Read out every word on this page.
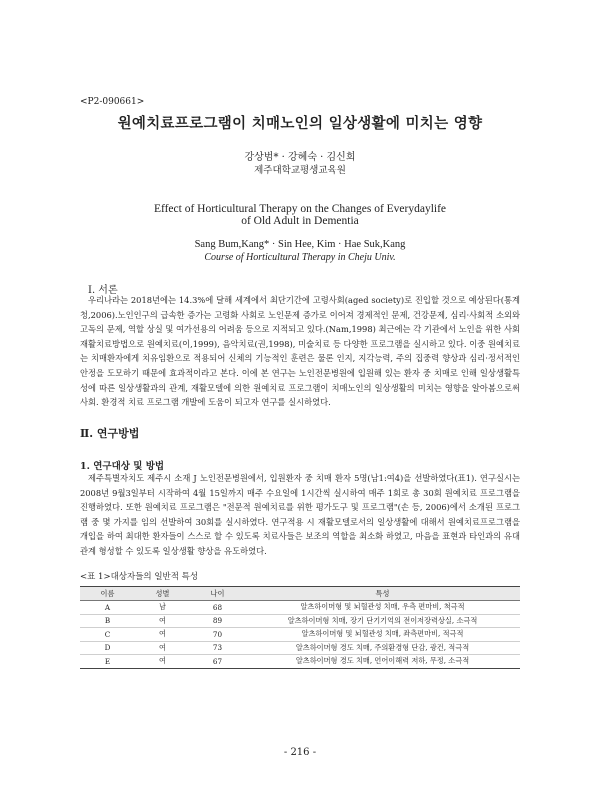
<P2-090661>
원예치료프로그램이 치매노인의 일상생활에 미치는 영향
강상범* · 강혜숙 · 김신희
제주대학교평생교육원
Effect of Horticultural Therapy on the Changes of Everydaylife
of Old Adult in Dementia
Sang Bum,Kang* · Sin Hee, Kim · Hae Suk,Kang
Course of Horticultural Therapy in Cheju Univ.
Ⅰ. 서론
우리나라는 2018년에는 14.3%에 달해 세계에서 최단기간에 고령사회(aged society)로 진입할 것으로 예상된다(통계청,2006).노인인구의 급속한 증가는 고령화 사회로 노인문제 증가로 이어져 경제적인 문제, 건강문제, 심리·사회적 소외와 고독의 문제, 역할 상실 및 여가선용의 어려움 등으로 지적되고 있다.(Nam,1998) 최근에는 각 기관에서 노인을 위한 사회재활치료방법으로 원예치료(이,1999), 음악치료(권,1998), 미술치료 등 다양한 프로그램을 실시하고 있다. 이중 원예치료는 치매환자에게 치유임환으로 적용되어 신체의 기능적인 훈련은 물론 인지, 지각능력, 주의 집중력 향상과 심리·정서적인 안정을 도모하기 때문에 효과적이라고 본다. 이에 본 연구는 노인전문병원에 입원해 있는 환자 중 치매로 인해 일상생활특성에 따른 일상생활과의 관계, 재활모델에 의한 원예치료 프로그램이 치매노인의 일상생활의 미치는 영향을 알아봄으로써 사회. 환경적 치료 프로그램 개발에 도움이 되고자 연구를 실시하였다.
Ⅱ. 연구방법
1. 연구대상 및 방법
제주특별자치도 제주시 소재 J 노인전문병원에서, 입원환자 중 치매 환자 5명(남1:여4)을 선발하였다(표1). 연구실시는 2008년 9월3일부터 시작하여 4월 15일까지 매주 수요일에 1시간씩 실시하여 매주 1회로 총 30회 원예치료 프로그램을 진행하였다. 또한 원예치료 프로그램은 "전문적 원예치료를 위한 평가도구 및 프로그램"(손 등, 2006)에서 소개된 프로그램 중 몇 가지를 임의 선발하여 30회를 실시하였다. 연구적용 시 재활모델로서의 일상생활에 대해서 원예치료프로그램을 개입을 하여 최대한 환자들이 스스로 할 수 있도록 치료사들은 보조의 역할을 최소화 하였고, 마음을 표현과 타인과의 유대 관계 형성할 수 있도록 일상생활 향상을 유도하였다.
<표 1>대상자들의 일반적 특성
이름	성별	나이	특성
A	남	68	알츠하이머형 및 뇌혈관성 치매, 우측 편마비, 척극적
B	여	89	알츠하이머형 치매, 장기 단기기억의 전이저장력상실, 소극적
C	여	70	알츠하이머형 및 뇌혈관성 치매, 좌측편마비, 적극적
D	여	73	알츠하이머형 경도 치매, 주의환경형 단감, 광건, 적극적
E	여	67	알츠하이머형 경도 치매, 언어이해력 저하, 무정, 소극적
- 216 -
